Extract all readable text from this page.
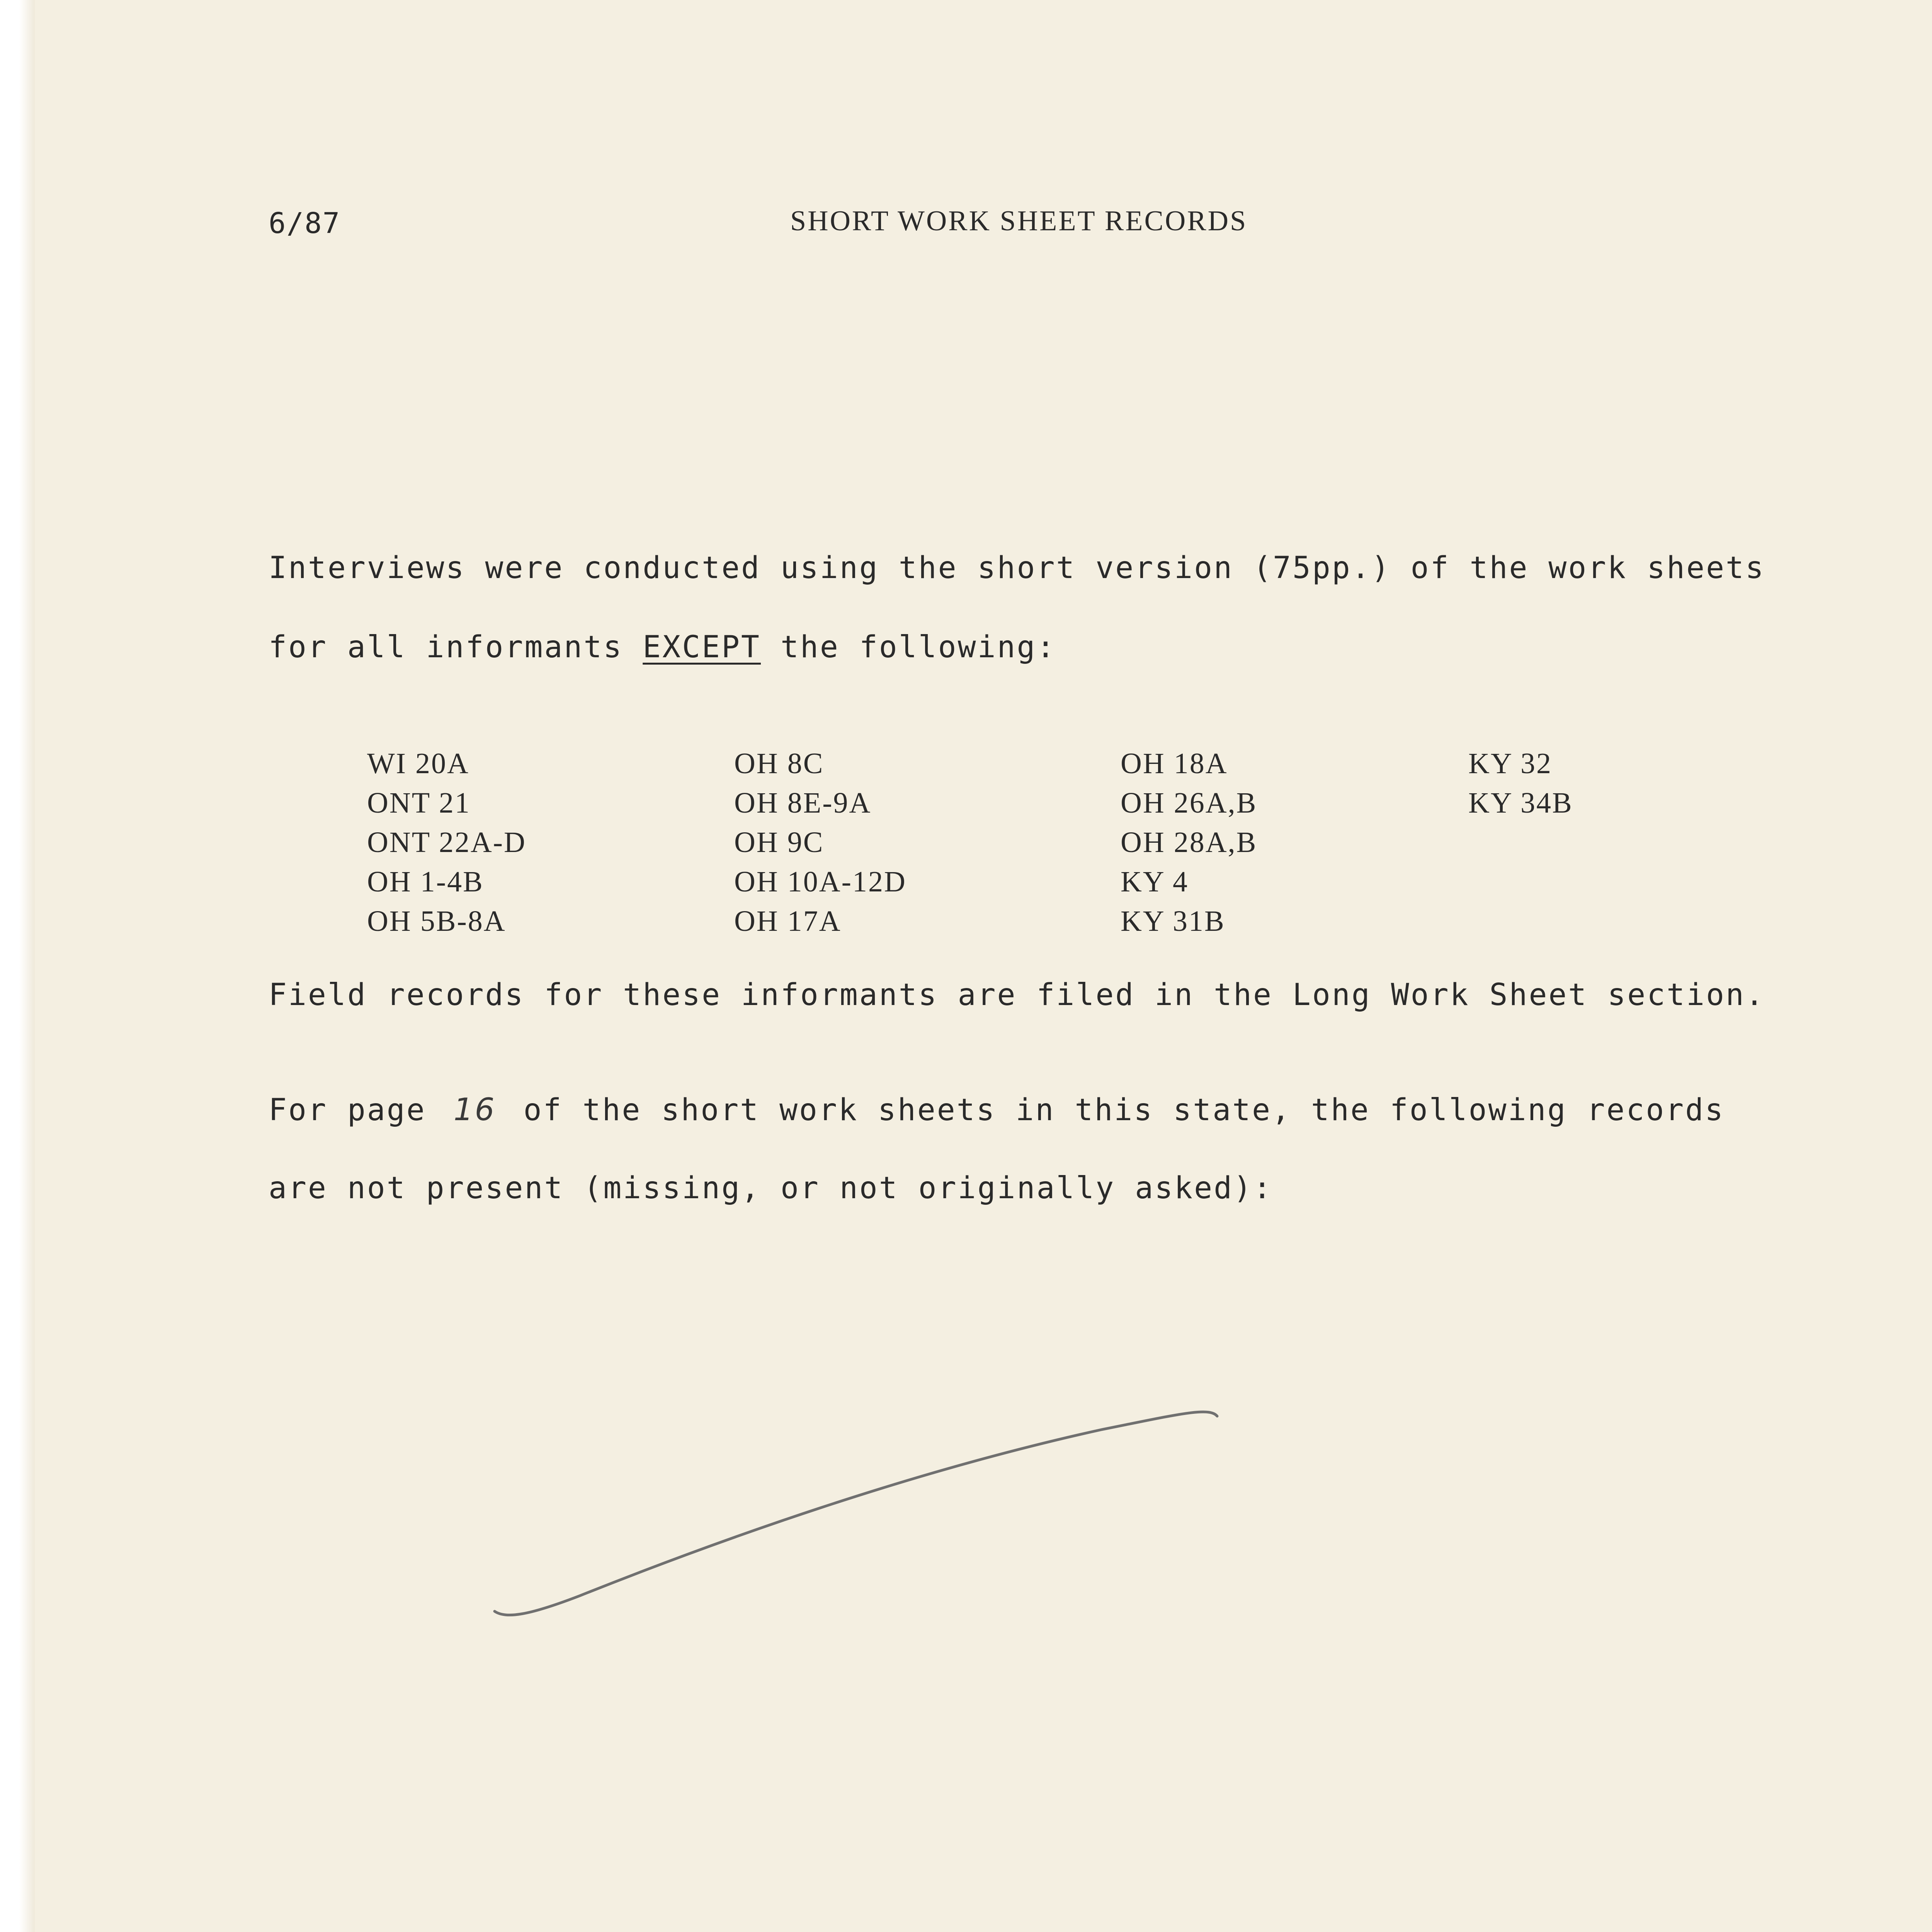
6/87	SHORT WORK SHEET RECORDS
Interviews were conducted using the short version (75pp.) of the work sheets
for all informants EXCEPT the following:
WI 20A
ONT 21
ONT 22A-D
OH 1-4B
OH 5B-8A
OH 8C
OH 8E-9A
OH 9C
OH 10A-12D
OH 17A
OH 18A
OH 26A,B
OH 28A,B
KY 4
KY 31B
KY 32
KY 34B
Field records for these informants are filed in the Long Work Sheet section.
For page 16 of the short work sheets in this state, the following records
are not present (missing, or not originally asked):
